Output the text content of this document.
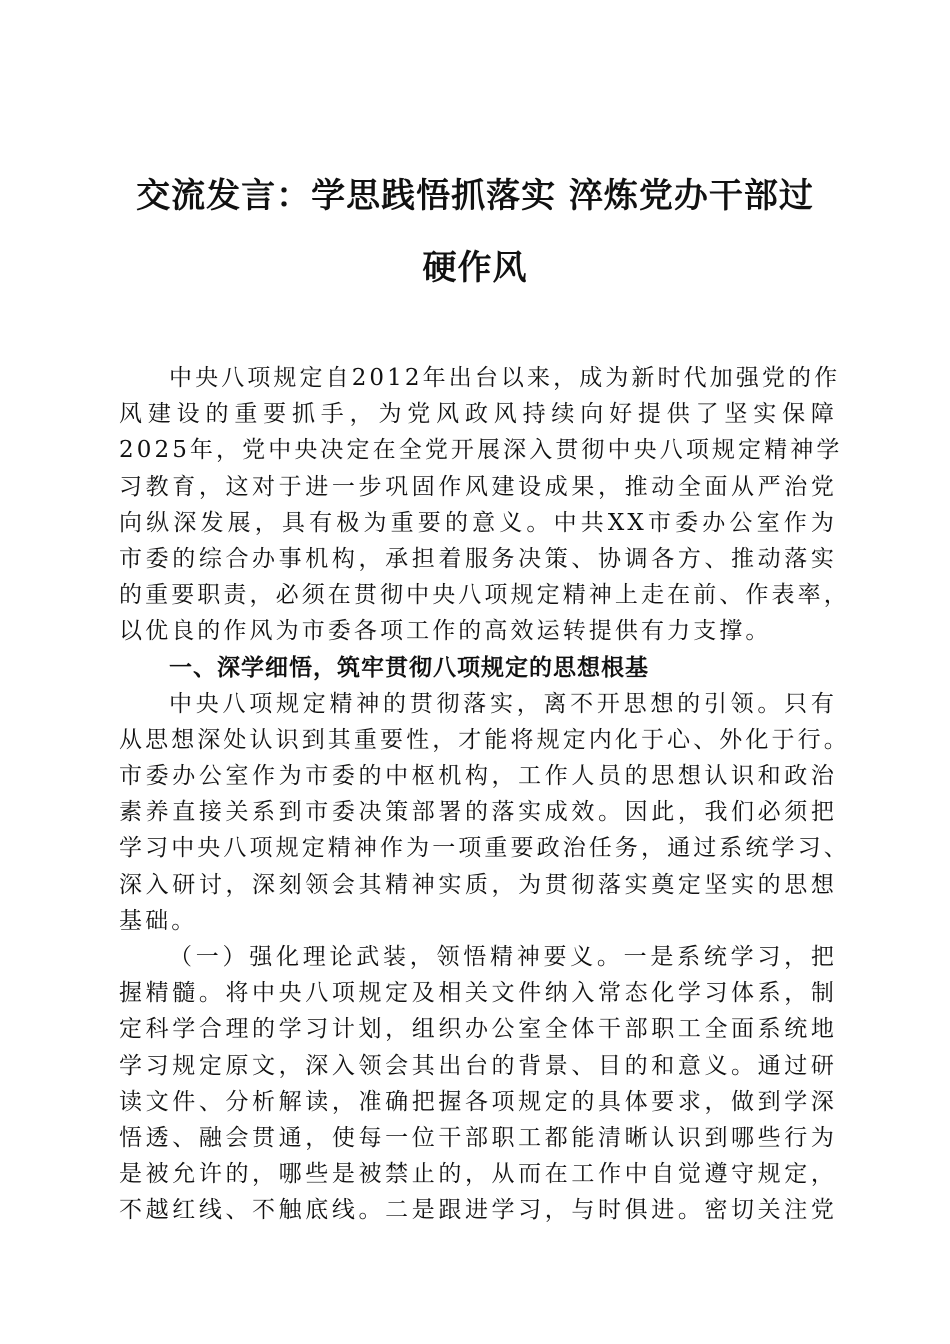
交流发言：学思践悟抓落实 淬炼党办干部过
硬作风
中央八项规定自2012年出台以来，成为新时代加强党的作
风建设的重要抓手，为党风政风持续向好提供了坚实保障
2025年，党中央决定在全党开展深入贯彻中央八项规定精神学
习教育，这对于进一步巩固作风建设成果，推动全面从严治党
向纵深发展，具有极为重要的意义。中共XX市委办公室作为
市委的综合办事机构，承担着服务决策、协调各方、推动落实
的重要职责，必须在贯彻中央八项规定精神上走在前、作表率，
以优良的作风为市委各项工作的高效运转提供有力支撑。
一、深学细悟，筑牢贯彻八项规定的思想根基
中央八项规定精神的贯彻落实，离不开思想的引领。只有
从思想深处认识到其重要性，才能将规定内化于心、外化于行。
市委办公室作为市委的中枢机构，工作人员的思想认识和政治
素养直接关系到市委决策部署的落实成效。因此，我们必须把
学习中央八项规定精神作为一项重要政治任务，通过系统学习、
深入研讨，深刻领会其精神实质，为贯彻落实奠定坚实的思想
基础。
（一）强化理论武装，领悟精神要义。一是系统学习，把
握精髓。将中央八项规定及相关文件纳入常态化学习体系，制
定科学合理的学习计划，组织办公室全体干部职工全面系统地
学习规定原文，深入领会其出台的背景、目的和意义。通过研
读文件、分析解读，准确把握各项规定的具体要求，做到学深
悟透、融会贯通，使每一位干部职工都能清晰认识到哪些行为
是被允许的，哪些是被禁止的，从而在工作中自觉遵守规定，
不越红线、不触底线。二是跟进学习，与时俱进。密切关注党
